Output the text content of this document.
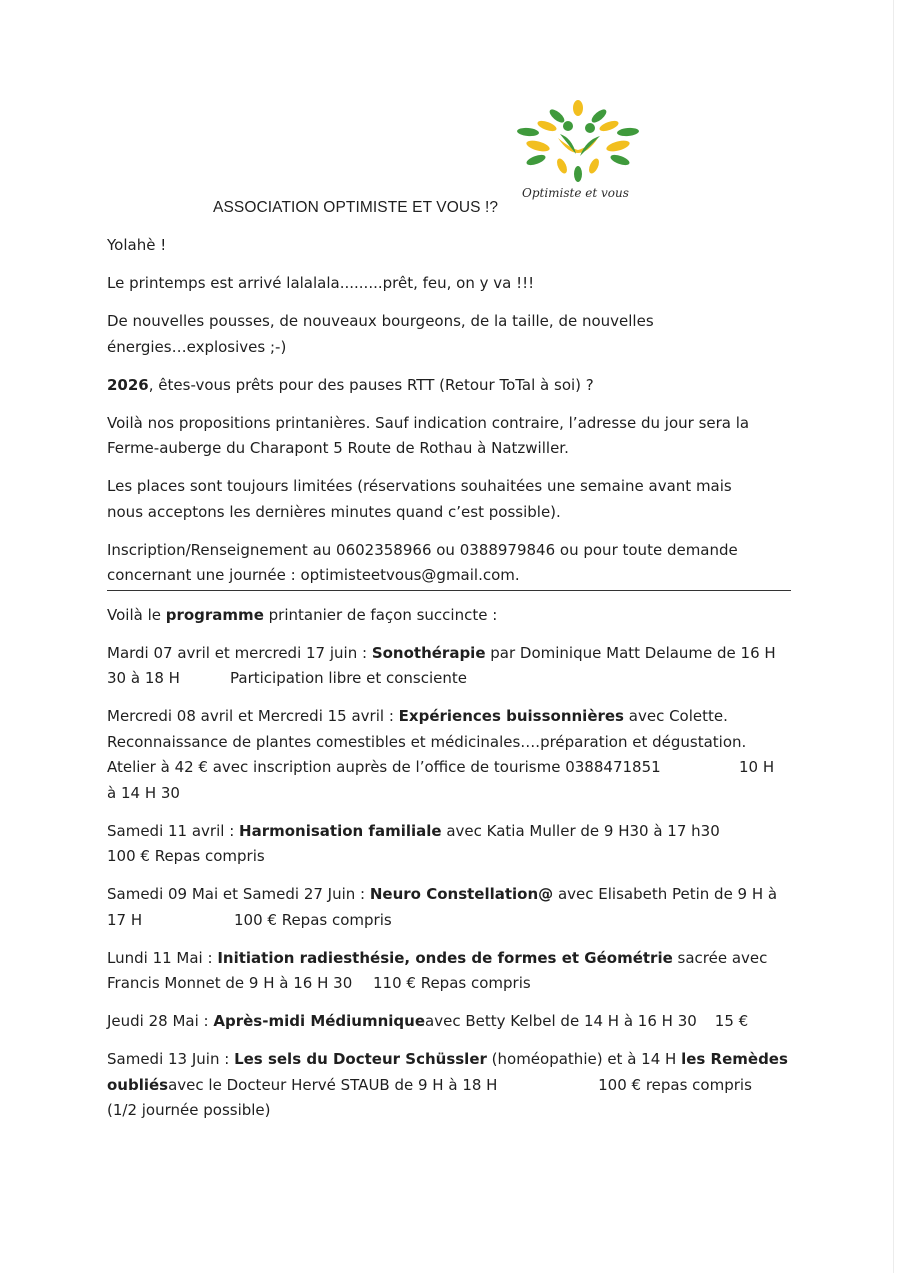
Optimiste et vous
ASSOCIATION OPTIMISTE ET VOUS !?

Yolahè !

Le printemps est arrivé lalalala.........prêt, feu, on y va !!!

De nouvelles pousses, de nouveaux bourgeons, de la taille, de nouvelles

énergies…explosives ;-)

2026, êtes-vous prêts pour des pauses RTT (Retour ToTal à soi) ?

Voilà nos propositions printanières. Sauf indication contraire, l’adresse du jour sera la

Ferme-auberge du Charapont 5 Route de Rothau à Natzwiller.

Les places sont toujours limitées (réservations souhaitées une semaine avant mais

nous acceptons les dernières minutes quand c’est possible).

Inscription/Renseignement au 0602358966 ou 0388979846 ou pour toute demande

concernant une journée : optimisteetvous@gmail.com.

Voilà le programme printanier de façon succincte :

Mardi 07 avril et mercredi 17 juin : Sonothérapie par Dominique Matt Delaume de 16 H

30 à 18 H	Participation libre et consciente

Mercredi 08 avril et Mercredi 15 avril : Expériences buissonnières avec Colette.

Reconnaissance de plantes comestibles et médicinales….préparation et dégustation.

Atelier à 42 € avec inscription auprès de l’office de tourisme 0388471851	10 H

à 14 H 30

Samedi 11 avril : Harmonisation familiale avec Katia Muller de 9 H30 à 17 h30

100 € Repas compris

Samedi 09 Mai et Samedi 27 Juin : Neuro Constellation@ avec Elisabeth Petin de 9 H à

17 H	100 € Repas compris

Lundi 11 Mai : Initiation radiesthésie, ondes de formes et Géométrie sacrée avec

Francis Monnet de 9 H à 16 H 30 110 € Repas compris

Jeudi 28 Mai : Après-midi Médiumniqueavec Betty Kelbel de 14 H à 16 H 30 15 €

Samedi 13 Juin : Les sels du Docteur Schüssler (homéopathie) et à 14 H les Remèdes

oubliésavec le Docteur Hervé STAUB de 9 H à 18 H	100 € repas compris

(1/2 journée possible)
